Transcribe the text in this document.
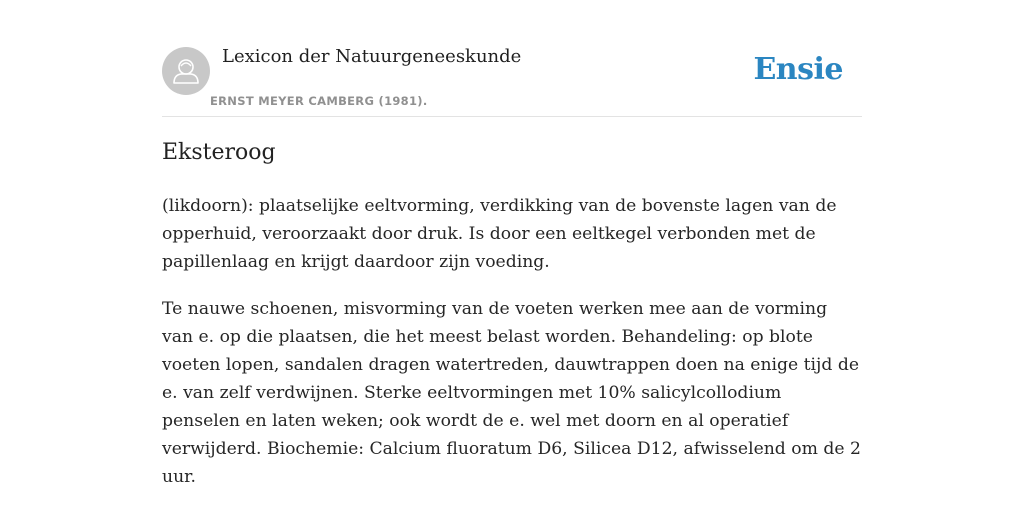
Lexicon der Natuurgeneeskunde
ERNST MEYER CAMBERG (1981).
Ensie
Eksteroog

(likdoorn): plaatselijke eeltvorming, verdikking van de bovenste lagen van de opperhuid, veroorzaakt door druk. Is door een eeltkegel verbonden met de papillenlaag en krijgt daardoor zijn voeding.

Te nauwe schoenen, misvorming van de voeten werken mee aan de vorming van e. op die plaatsen, die het meest belast worden. Behandeling: op blote voeten lopen, sandalen dragen watertreden, dauwtrappen doen na enige tijd de e. van zelf verdwijnen. Sterke eeltvormingen met 10% salicylcollodium penselen en laten weken; ook wordt de e. wel met doorn en al operatief verwijderd. Biochemie: Calcium fluoratum D6, Silicea D12, afwisselend om de 2 uur.
